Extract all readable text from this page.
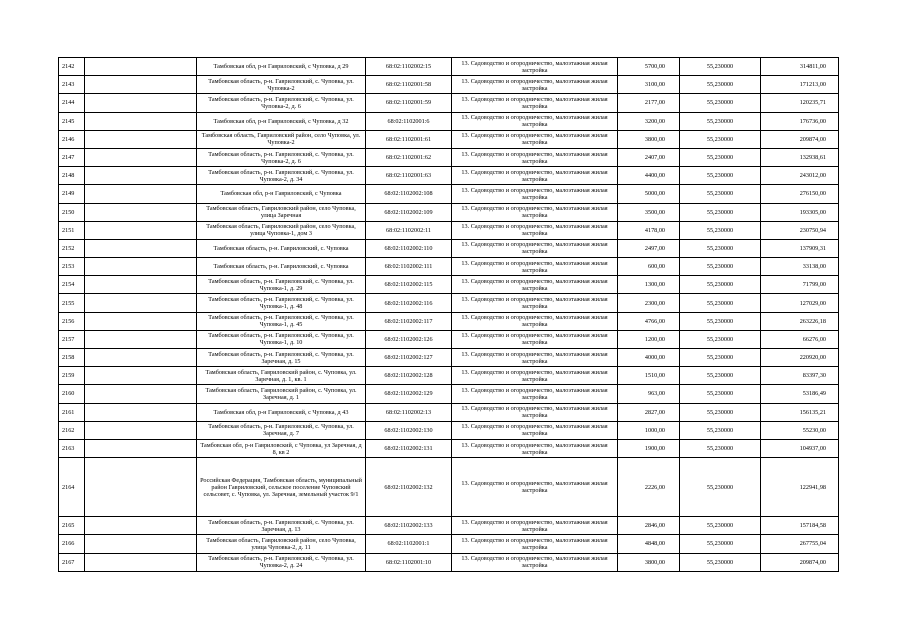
2142		Тамбовская обл, р-н Гавриловский, с Чуповка, д 29	68:02:1102002:15	13. Садоводство и огородничество, малоэтажная жилая застройка	5700,00	55,230000	314811,00
2143		Тамбовская область, р-н. Гавриловский, с. Чуповка, ул. Чуповка-2	68:02:1102001:58	13. Садоводство и огородничество, малоэтажная жилая застройка	3100,00	55,230000	171213,00
2144		Тамбовская область, р-н. Гавриловский, с. Чуповка, ул. Чуповка-2, д. 6	68:02:1102001:59	13. Садоводство и огородничество, малоэтажная жилая застройка	2177,00	55,230000	120235,71
2145		Тамбовская обл, р-н Гавриловский, с Чуповка, д 32	68:02:1102001:6	13. Садоводство и огородничество, малоэтажная жилая застройка	3200,00	55,230000	176736,00
2146		Тамбовская область, Гавриловский район, село Чуповка, ул. Чуповка-2	68:02:1102001:61	13. Садоводство и огородничество, малоэтажная жилая застройка	3800,00	55,230000	209874,00
2147		Тамбовская область, р-н. Гавриловский, с. Чуповка, ул. Чуповка-2, д. 6	68:02:1102001:62	13. Садоводство и огородничество, малоэтажная жилая застройка	2407,00	55,230000	132938,61
2148		Тамбовская область, р-н. Гавриловский, с. Чуповка, ул. Чуповка-2, д. 34	68:02:1102001:63	13. Садоводство и огородничество, малоэтажная жилая застройка	4400,00	55,230000	243012,00
2149		Тамбовская обл, р-н Гавриловский, с Чуповка	68:02:1102002:108	13. Садоводство и огородничество, малоэтажная жилая застройка	5000,00	55,230000	276150,00
2150		Тамбовская область, Гавриловский район, село Чуповка, улица Заречная	68:02:1102002:109	13. Садоводство и огородничество, малоэтажная жилая застройка	3500,00	55,230000	193305,00
2151		Тамбовская область, Гавриловский район, село Чуповка, улица Чуповка-1, дом 3	68:02:1102002:11	13. Садоводство и огородничество, малоэтажная жилая застройка	4178,00	55,230000	230750,94
2152		Тамбовская область, р-н. Гавриловский, с. Чуповка	68:02:1102002:110	13. Садоводство и огородничество, малоэтажная жилая застройка	2497,00	55,230000	137909,31
2153		Тамбовская область, р-н. Гавриловский, с. Чуповка	68:02:1102002:111	13. Садоводство и огородничество, малоэтажная жилая застройка	600,00	55,230000	33138,00
2154		Тамбовская область, р-н. Гавриловский, с. Чуповка, ул. Чуповка-1, д. 29	68:02:1102002:115	13. Садоводство и огородничество, малоэтажная жилая застройка	1300,00	55,230000	71799,00
2155		Тамбовская область, р-н. Гавриловский, с. Чуповка, ул. Чуповка-1, д. 48	68:02:1102002:116	13. Садоводство и огородничество, малоэтажная жилая застройка	2300,00	55,230000	127029,00
2156		Тамбовская область, р-н. Гавриловский, с. Чуповка, ул. Чуповка-1, д. 45	68:02:1102002:117	13. Садоводство и огородничество, малоэтажная жилая застройка	4766,00	55,230000	263226,18
2157		Тамбовская область, р-н. Гавриловский, с. Чуповка, ул. Чуповка-1, д. 10	68:02:1102002:126	13. Садоводство и огородничество, малоэтажная жилая застройка	1200,00	55,230000	66276,00
2158		Тамбовская область, р-н. Гавриловский, с. Чуповка, ул. Заречная, д. 15	68:02:1102002:127	13. Садоводство и огородничество, малоэтажная жилая застройка	4000,00	55,230000	220920,00
2159		Тамбовская область, Гавриловский район, с. Чуповка, ул. Заречная, д. 1, кв. 1	68:02:1102002:128	13. Садоводство и огородничество, малоэтажная жилая застройка	1510,00	55,230000	83397,30
2160		Тамбовская область, Гавриловский район, с. Чуповка, ул. Заречная, д. 1	68:02:1102002:129	13. Садоводство и огородничество, малоэтажная жилая застройка	963,00	55,230000	53186,49
2161		Тамбовская обл, р-н Гавриловский, с Чуповка, д 43	68:02:1102002:13	13. Садоводство и огородничество, малоэтажная жилая застройка	2827,00	55,230000	156135,21
2162		Тамбовская область, р-н. Гавриловский, с. Чуповка, ул. Заречная, д. 7	68:02:1102002:130	13. Садоводство и огородничество, малоэтажная жилая застройка	1000,00	55,230000	55230,00
2163		Тамбовская обл, р-н Гавриловский, с Чуповка, ул Заречная, д 8, кв 2	68:02:1102002:131	13. Садоводство и огородничество, малоэтажная жилая застройка	1900,00	55,230000	104937,00
2164		Российская Федерация, Тамбовская область, муниципальный район Гавриловский, сельское поселение Чуповский сельсовет, с. Чуповка, ул. Заречная, земельный участок 9/1	68:02:1102002:132	13. Садоводство и огородничество, малоэтажная жилая застройка	2226,00	55,230000	122941,98
2165		Тамбовская область, р-н. Гавриловский, с. Чуповка, ул. Заречная, д. 13	68:02:1102002:133	13. Садоводство и огородничество, малоэтажная жилая застройка	2846,00	55,230000	157184,58
2166		Тамбовская область, Гавриловский район, село Чуповка, улица Чуповка-2, д. 11	68:02:1102001:1	13. Садоводство и огородничество, малоэтажная жилая застройка	4848,00	55,230000	267755,04
2167		Тамбовская область, р-н. Гавриловский, с. Чуповка, ул. Чуповка-2, д. 24	68:02:1102001:10	13. Садоводство и огородничество, малоэтажная жилая застройка	3800,00	55,230000	209874,00
